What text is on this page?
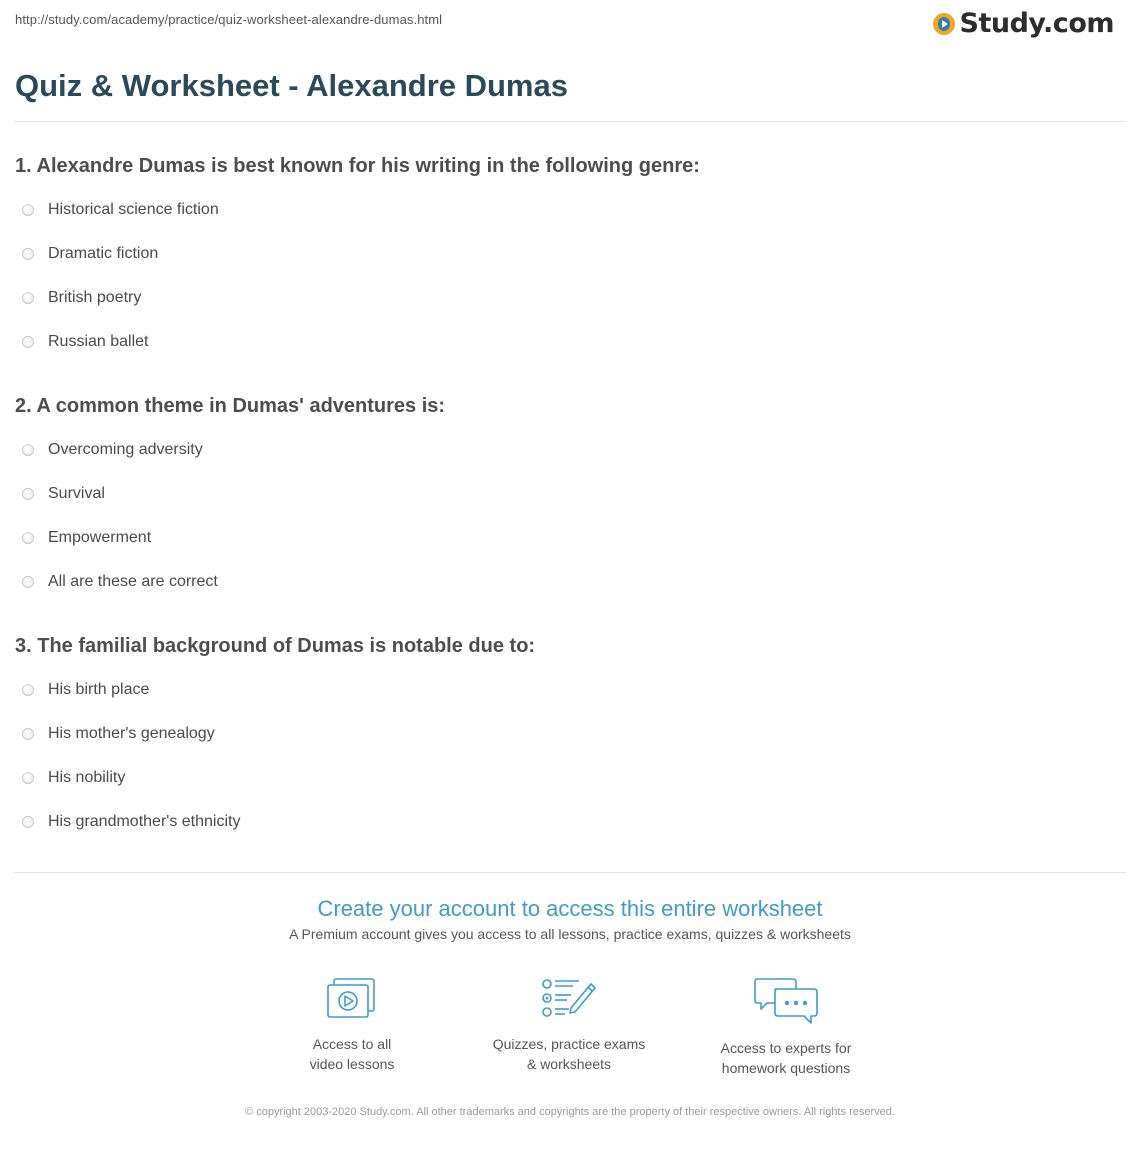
http://study.com/academy/practice/quiz-worksheet-alexandre-dumas.html	Study.com
Quiz & Worksheet - Alexandre Dumas
1. Alexandre Dumas is best known for his writing in the following genre:
Historical science fiction
Dramatic fiction
British poetry
Russian ballet
2. A common theme in Dumas' adventures is:
Overcoming adversity
Survival
Empowerment
All are these are correct
3. The familial background of Dumas is notable due to:
His birth place
His mother's genealogy
His nobility
His grandmother's ethnicity
Create your account to access this entire worksheet
A Premium account gives you access to all lessons, practice exams, quizzes & worksheets
Access to all
video lessons
Quizzes, practice exams
& worksheets
Access to experts for
homework questions
© copyright 2003-2020 Study.com. All other trademarks and copyrights are the property of their respective owners. All rights reserved.
